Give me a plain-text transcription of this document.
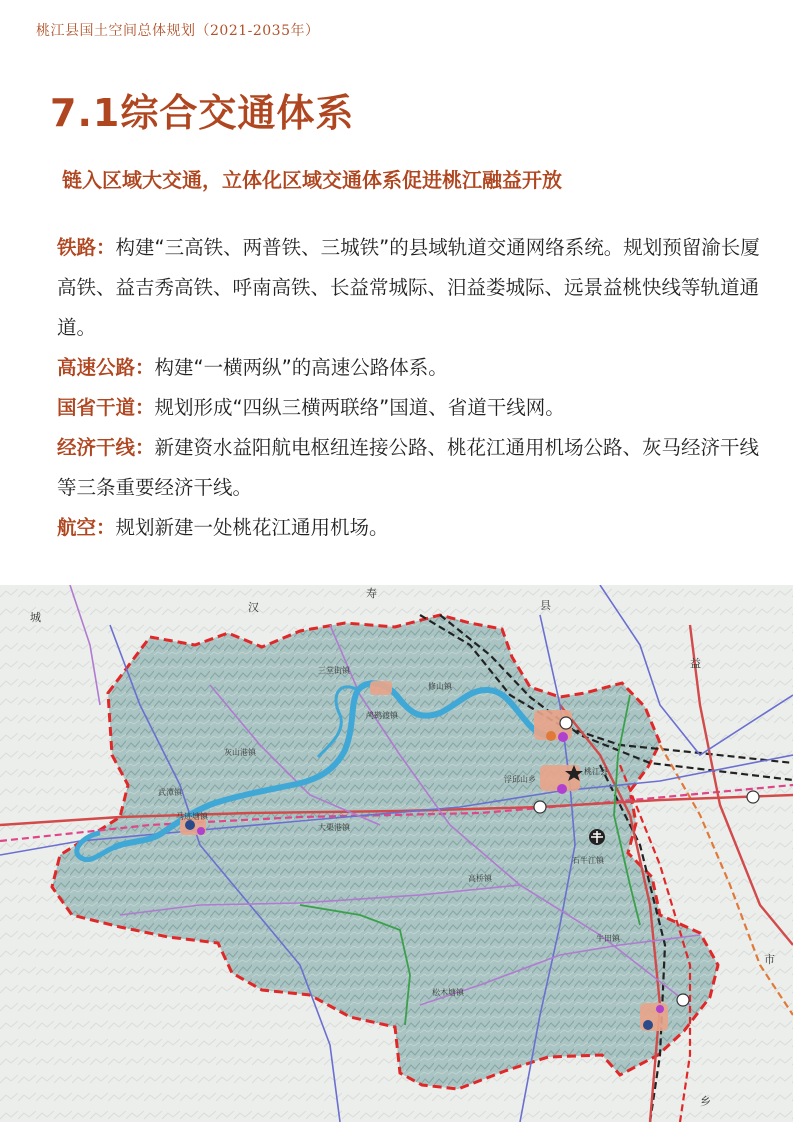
桃江县国土空间总体规划（2021-2035年）
7.1综合交通体系
链入区域大交通，立体化区域交通体系促进桃江融益开放

铁路：构建“三高铁、两普铁、三城铁”的县域轨道交通网络系统。规划预留渝长厦高铁、益吉秀高铁、呼南高铁、长益常城际、汨益娄城际、远景益桃快线等轨道通道。

高速公路：构建“一横两纵”的高速公路体系。

国省干道：规划形成“四纵三横两联络”国道、省道干线网。

经济干线：新建资水益阳航电枢纽连接公路、桃花江通用机场公路、灰马经济干线等三条重要经济干线。

航空：规划新建一处桃花江通用机场。

城
汉
寿
县
益
市
乡
三堂街镇
修山镇
鸬鹚渡镇
浮邱山乡
桃江县
灰山港镇
大栗港镇
武潭镇
马迹塘镇
石牛江镇
高桥镇
牛田镇
松木塘镇
